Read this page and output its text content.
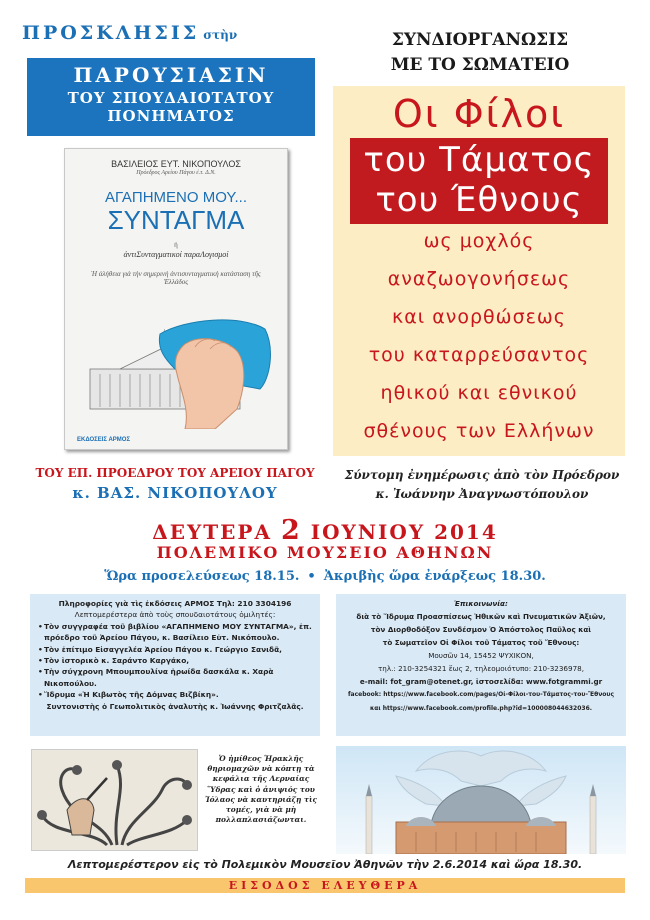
ΠΡΟΣΚΛΗΣΙΣ στὴν
ΠΑΡΟΥΣΙΑΣΙΝ
ΤΟΥ ΣΠΟΥΔΑΙΟΤΑΤΟΥ
ΠΟΝΗΜΑΤΟΣ
ΣΥΝΔΙΟΡΓΑΝΩΣΙΣ
ΜΕ ΤΟ ΣΩΜΑΤΕΙΟ
Οι Φίλοι
του Τάματος
του Έθνους
ως μοχλός
αναζωογονήσεως
και ανορθώσεως
του καταρρεύσαντος
ηθικού και εθνικού
σθένους των Ελλήνων
ΒΑΣΙΛΕΙΟΣ ΕΥΤ. ΝΙΚΟΠΟΥΛΟΣ
Πρόεδρος Αρείου Πάγου ἐ.τ. Δ.Ν.
ΑΓΑΠΗΜΕΝΟ ΜΟΥ...
ΣΥΝΤΑΓΜΑ
ή
ἀντιΣυνταγματικοί παραΛογισμοί
Ἡ ἀλήθεια γιὰ τὴν σημερινὴ ἀντισυνταγματικὴ κατάσταση τῆς Ἑλλάδος
ΕΚΔΟΣΕΙΣ ΑΡΜΟΣ
ΤΟΥ ΕΠ. ΠΡΟΕΔΡΟΥ ΤΟΥ ΑΡΕΙΟΥ ΠΑΓΟΥ
κ. ΒΑΣ. ΝΙΚΟΠΟΥΛΟΥ
Σύντομη ἐνημέρωσις ἀπὸ τὸν Πρόεδρον
κ. Ἰωάννην Ἀναγνωστόπουλον
ΔΕΥΤΕΡΑ 2 ΙΟΥΝΙΟΥ 2014
ΠΟΛΕΜΙΚΟ ΜΟΥΣΕΙΟ ΑΘΗΝΩΝ
Ὥρα προσελεύσεως 18.15. • Ἀκριβὴς ὥρα ἐνάρξεως 18.30.
Πληροφορίες γιὰ τὶς ἐκδόσεις ΑΡΜΟΣ Τηλ: 210 3304196
Λεπτομερέστερα ἀπὸ τοὺς σπουδαιοτάτους ὁμιλητές:
• Τὸν συγγραφέα τοῦ βιβλίου «ΑΓΑΠΗΜΕΝΟ ΜΟΥ ΣΥΝΤΑΓΜΑ», ἐπ. πρόεδρο τοῦ Ἀρείου Πάγου, κ. Βασίλειο Εὐτ. Νικόπουλο.
• Τὸν ἐπίτιμο Εἰσαγγελέα Ἀρείου Πάγου κ. Γεώργιο Σανιδᾶ,
• Τὸν ἱστορικὸ κ. Σαράντο Καργάκο,
• Τὴν σύγχρονη Μπουμπουλίνα ἡρωίδα δασκάλα κ. Χαρὰ Νικοπούλου.
• Ἵδρυμα «Ἡ Κιβωτὸς τῆς Δόμνας Βιζβίκη».
Συντονιστὴς ὁ Γεωπολιτικὸς ἀναλυτὴς κ. Ἰωάννης Φριτζαλᾶς.
Ἐπικοινωνία:
διὰ τὸ Ἵδρυμα Προασπίσεως Ἠθικῶν καὶ Πνευματικῶν Ἀξιῶν,
τὸν Διορθοδόξον Συνδέσμον Ὁ Ἀπόστολος Παῦλος καὶ
τὸ Σωματεῖον Οἱ Φίλοι τοῦ Τάματος τοῦ Ἔθνους:
Μουσῶν 14, 15452 ΨΥΧΙΚΟΝ,
τηλ.: 210-3254321 ἕως 2, τηλεομοιότυπο: 210-3236978,
e-mail: fot_gram@otenet.gr, ἱστοσελίδα: www.fotgrammi.gr
facebook: https://www.facebook.com/pages/Οἱ-Φίλοι-του-Τάματος-του-Ἔθνους
και https://www.facebook.com/profile.php?id=100008044632036.
Ὁ ἡμίθεος Ἡρακλῆς θηριομαχῶν νὰ κόπτῃ τὰ κεφάλια τῆς Λερναίας Ὕδρας καὶ ὁ ἀνιψιός του Ἰόλαος νὰ καυτηριάζῃ τὶς τομές, γιὰ νὰ μὴ πολλαπλασιάζωνται.
Λεπτομερέστερον εἰς τὸ Πολεμικὸν Μουσεῖον Ἀθηνῶν τὴν 2.6.2014 καὶ ὥρα 18.30.
ΕΙΣΟΔΟΣ ΕΛΕΥΘΕΡΑ
